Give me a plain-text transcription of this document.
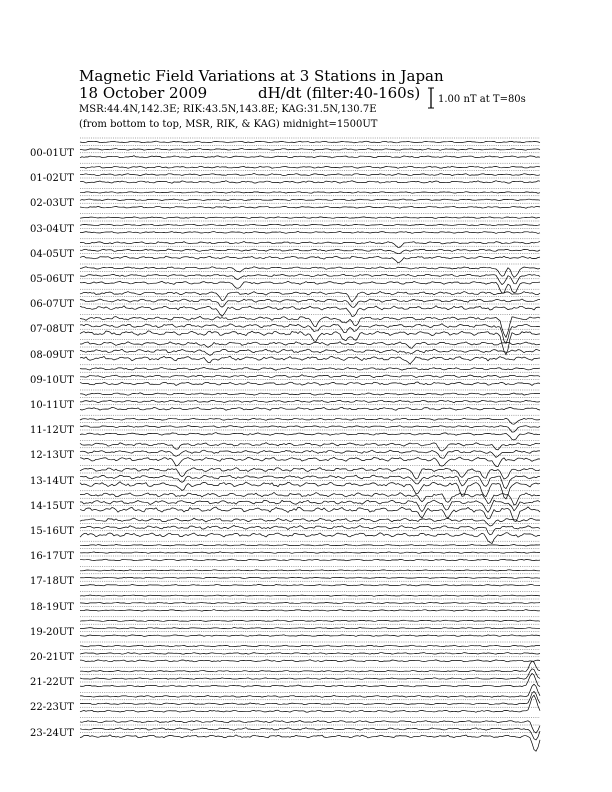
Magnetic Field Variations at 3 Stations in Japan
18 October 2009	dH/dt (filter:40-160s)
MSR:44.4N,142.3E; RIK:43.5N,143.8E; KAG:31.5N,130.7E
(from bottom to top, MSR, RIK, & KAG) midnight=1500UT
1.00 nT at T=80s
00-01UT
01-02UT
02-03UT
03-04UT
04-05UT
05-06UT
06-07UT
07-08UT
08-09UT
09-10UT
10-11UT
11-12UT
12-13UT
13-14UT
14-15UT
15-16UT
16-17UT
17-18UT
18-19UT
19-20UT
20-21UT
21-22UT
22-23UT
23-24UT
